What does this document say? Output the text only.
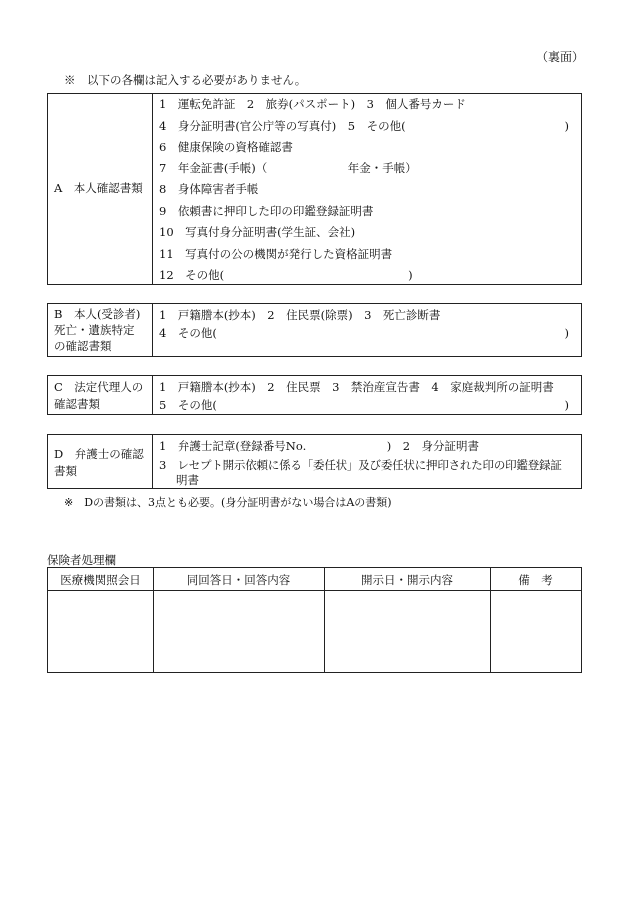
（裏面）
※　以下の各欄は記入する必要がありません。
A　本人確認書類
1　運転免許証　2　旅券(パスポート)　3　個人番号カード
4　身分証明書(官公庁等の写真付)　5　その他(	)
6　健康保険の資格確認書
7　年金証書(手帳)（　　　　　　　年金・手帳）
8　身体障害者手帳
9　依頼書に押印した印の印鑑登録証明書
10　写真付身分証明書(学生証、会社)
11　写真付の公の機関が発行した資格証明書
12　その他(　　　　　　　　　　　　　　　　)
B　本人(受診者)
死亡・遺族特定
の確認書類
1　戸籍謄本(抄本)　2　住民票(除票)　3　死亡診断書
4　その他(	)
C　法定代理人の
確認書類
1　戸籍謄本(抄本)　2　住民票　3　禁治産宣告書　4　家庭裁判所の証明書
5　その他(	)
D　弁護士の確認
書類
1　弁護士記章(登録番号No.　　　　　　　)　2　身分証明書
3　レセプト開示依頼に係る「委任状」及び委任状に押印された印の印鑑登録証
明書
※　Dの書類は、3点とも必要。(身分証明書がない場合はAの書類)
保険者処理欄
医療機関照会日	同回答日・回答内容	開示日・開示内容	備　考
